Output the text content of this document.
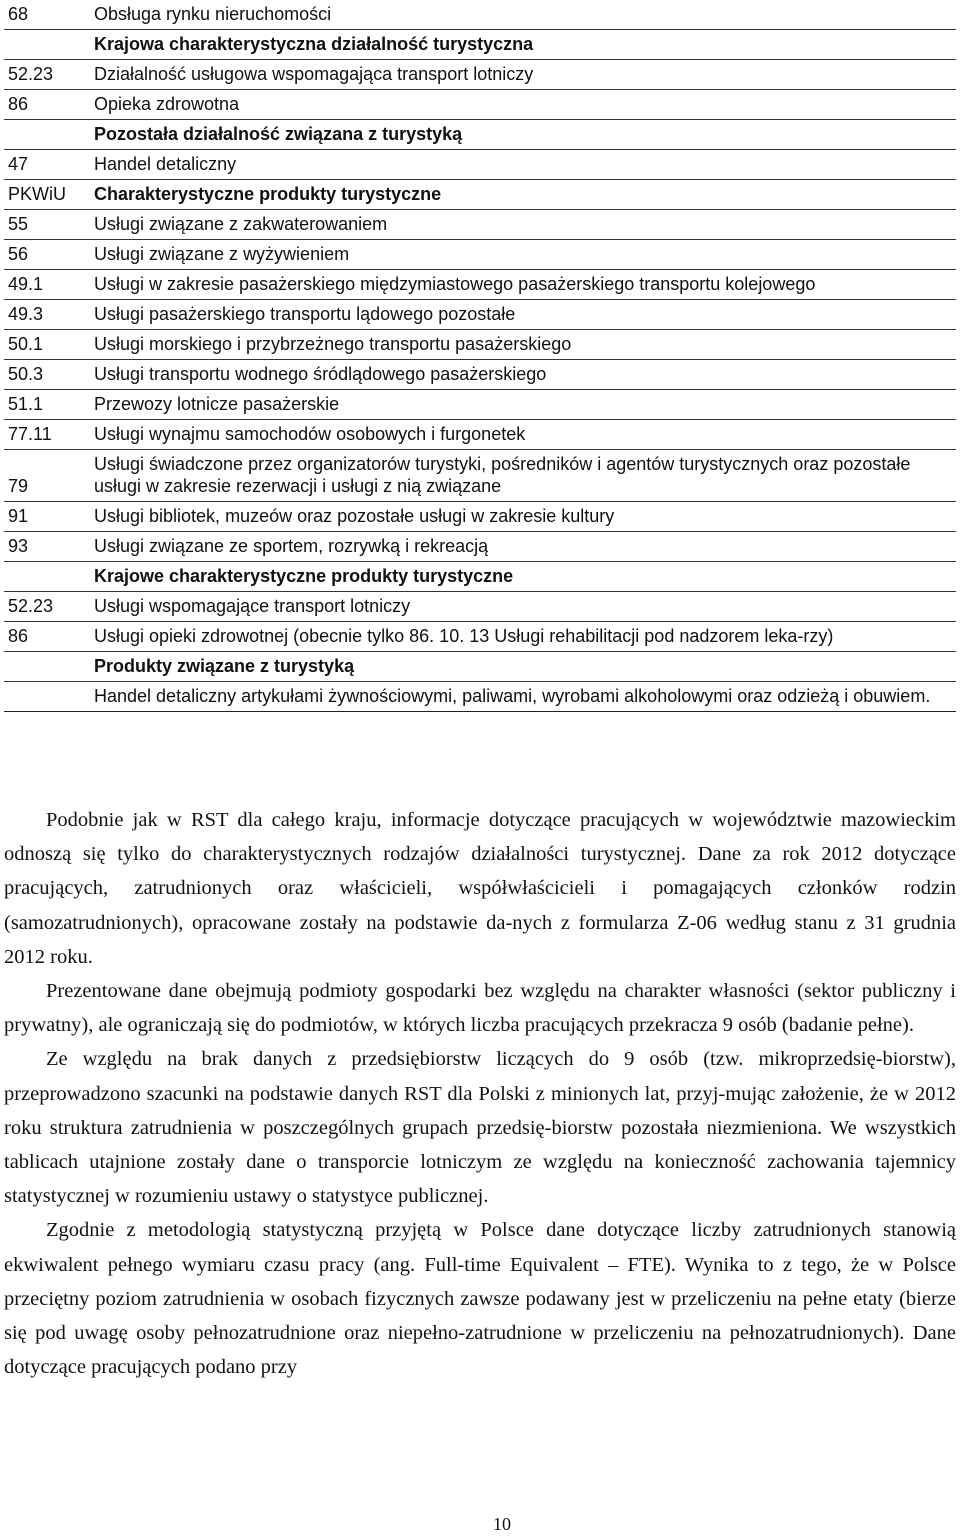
68	Obsługa rynku nieruchomości
	Krajowa charakterystyczna działalność turystyczna
52.23	Działalność usługowa wspomagająca transport lotniczy
86	Opieka zdrowotna
	Pozostała działalność związana z turystyką
47	Handel detaliczny
PKWiU	Charakterystyczne produkty turystyczne
55	Usługi związane z zakwaterowaniem
56	Usługi związane z wyżywieniem
49.1	Usługi w zakresie pasażerskiego międzymiastowego pasażerskiego transportu kolejowego
49.3	Usługi pasażerskiego transportu lądowego pozostałe
50.1	Usługi morskiego i przybrzeżnego transportu pasażerskiego
50.3	Usługi transportu wodnego śródlądowego pasażerskiego
51.1	Przewozy lotnicze pasażerskie
77.11	Usługi wynajmu samochodów osobowych i furgonetek
79	Usługi świadczone przez organizatorów turystyki, pośredników i agentów turystycznych oraz pozostałe usługi w zakresie rezerwacji i usługi z nią związane
91	Usługi bibliotek, muzeów oraz pozostałe usługi w zakresie kultury
93	Usługi związane ze sportem, rozrywką i rekreacją
	Krajowe charakterystyczne produkty turystyczne
52.23	Usługi wspomagające transport lotniczy
86	Usługi opieki zdrowotnej (obecnie tylko 86. 10. 13 Usługi rehabilitacji pod nadzorem leka-rzy)
	Produkty związane z turystyką
	Handel detaliczny artykułami żywnościowymi, paliwami, wyrobami alkoholowymi oraz odzieżą i obuwiem.

Podobnie jak w RST dla całego kraju, informacje dotyczące pracujących w województwie mazowieckim odnoszą się tylko do charakterystycznych rodzajów działalności turystycznej. Dane za rok 2012 dotyczące pracujących, zatrudnionych oraz właścicieli, współwłaścicieli i pomagających członków rodzin (samozatrudnionych), opracowane zostały na podstawie da-nych z formularza Z-06 według stanu z 31 grudnia 2012 roku.

Prezentowane dane obejmują podmioty gospodarki bez względu na charakter własności (sektor publiczny i prywatny), ale ograniczają się do podmiotów, w których liczba pracujących przekracza 9 osób (badanie pełne).

Ze względu na brak danych z przedsiębiorstw liczących do 9 osób (tzw. mikroprzedsię-biorstw), przeprowadzono szacunki na podstawie danych RST dla Polski z minionych lat, przyj-mując założenie, że w 2012 roku struktura zatrudnienia w poszczególnych grupach przedsię-biorstw pozostała niezmieniona. We wszystkich tablicach utajnione zostały dane o transporcie lotniczym ze względu na konieczność zachowania tajemnicy statystycznej w rozumieniu ustawy o statystyce publicznej.

Zgodnie z metodologią statystyczną przyjętą w Polsce dane dotyczące liczby zatrudnionych stanowią ekwiwalent pełnego wymiaru czasu pracy (ang. Full-time Equivalent – FTE). Wynika to z tego, że w Polsce przeciętny poziom zatrudnienia w osobach fizycznych zawsze podawany jest w przeliczeniu na pełne etaty (bierze się pod uwagę osoby pełnozatrudnione oraz niepełno-zatrudnione w przeliczeniu na pełnozatrudnionych). Dane dotyczące pracujących podano przy

10
